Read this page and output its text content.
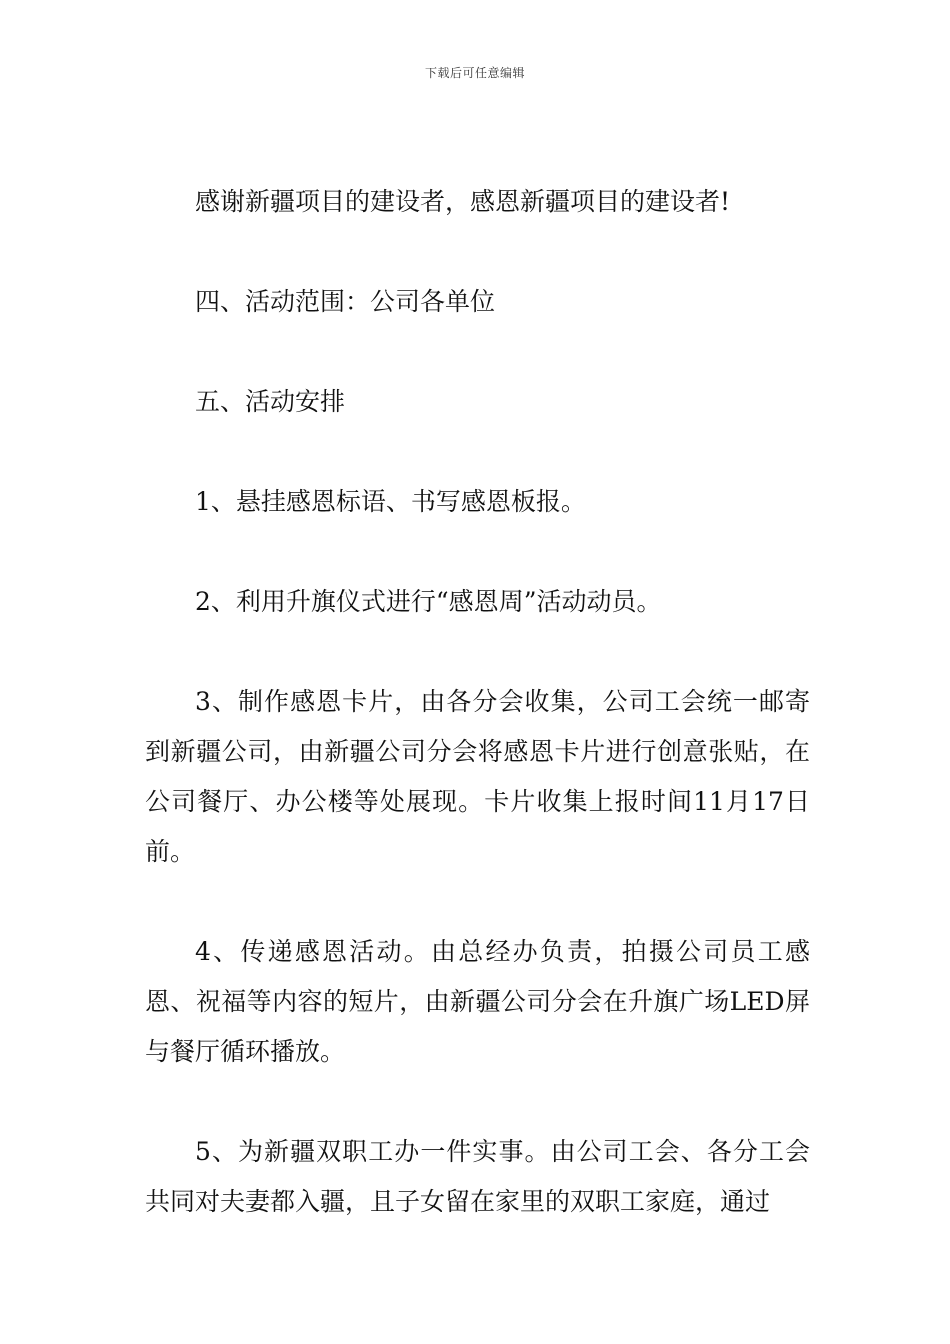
下载后可任意编辑

感谢新疆项目的建设者，感恩新疆项目的建设者!

四、活动范围：公司各单位

五、活动安排

1、悬挂感恩标语、书写感恩板报。

2、利用升旗仪式进行“感恩周”活动动员。

3、制作感恩卡片，由各分会收集，公司工会统一邮寄到新疆公司，由新疆公司分会将感恩卡片进行创意张贴，在公司餐厅、办公楼等处展现。卡片收集上报时间11月17日前。

4、传递感恩活动。由总经办负责，拍摄公司员工感恩、祝福等内容的短片，由新疆公司分会在升旗广场LED屏与餐厅循环播放。

5、为新疆双职工办一件实事。由公司工会、各分工会共同对夫妻都入疆，且子女留在家里的双职工家庭，通过
